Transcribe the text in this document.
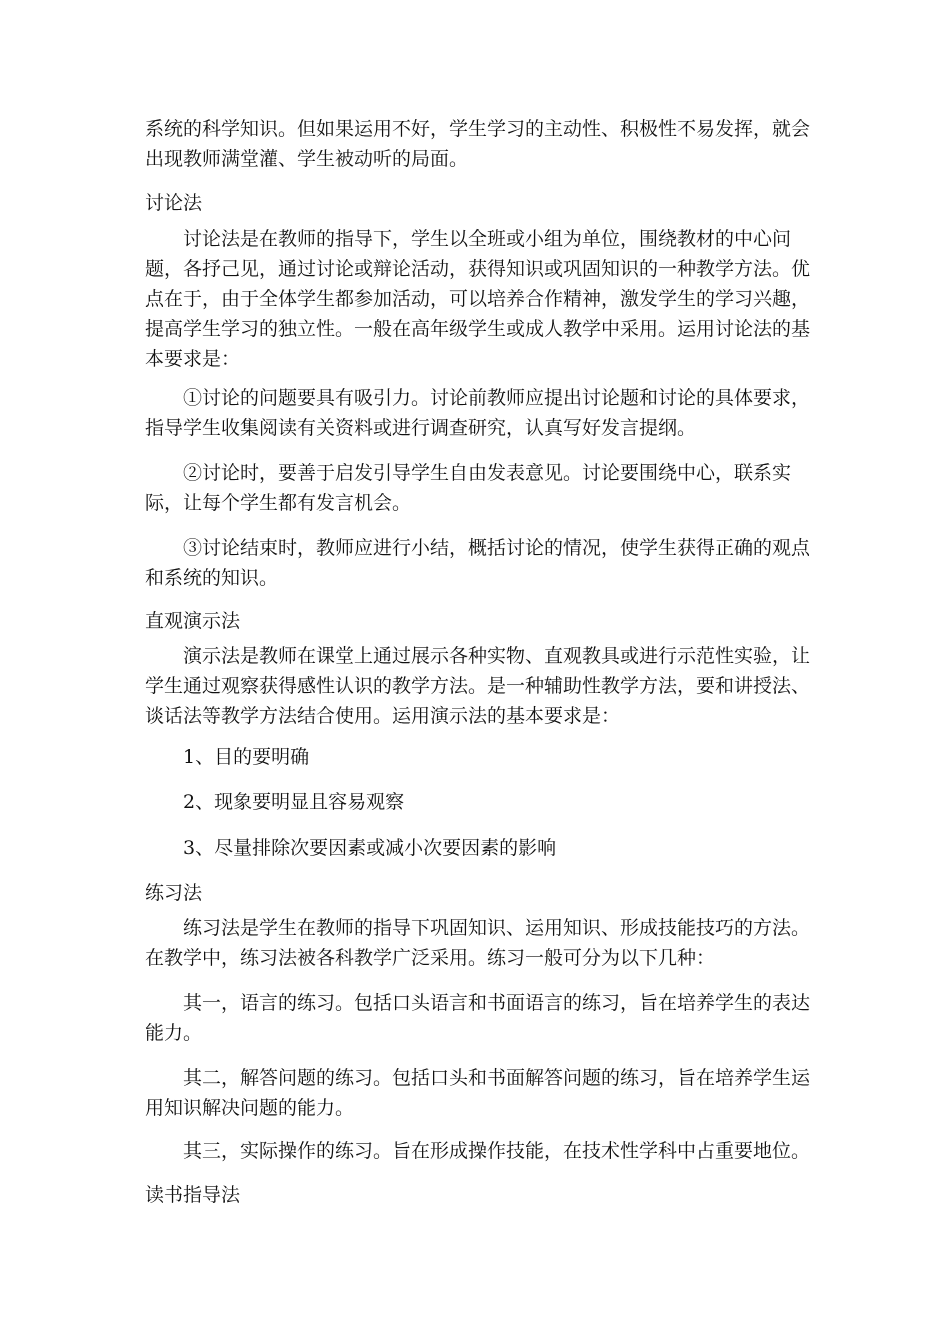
系统的科学知识。但如果运用不好，学生学习的主动性、积极性不易发挥，就会出现教师满堂灌、学生被动听的局面。

讨论法

讨论法是在教师的指导下，学生以全班或小组为单位，围绕教材的中心问题，各抒己见，通过讨论或辩论活动，获得知识或巩固知识的一种教学方法。优点在于，由于全体学生都参加活动，可以培养合作精神，激发学生的学习兴趣，提高学生学习的独立性。一般在高年级学生或成人教学中采用。运用讨论法的基本要求是：

①讨论的问题要具有吸引力。讨论前教师应提出讨论题和讨论的具体要求，指导学生收集阅读有关资料或进行调查研究，认真写好发言提纲。

②讨论时，要善于启发引导学生自由发表意见。讨论要围绕中心，联系实际，让每个学生都有发言机会。

③讨论结束时，教师应进行小结，概括讨论的情况，使学生获得正确的观点和系统的知识。

直观演示法

演示法是教师在课堂上通过展示各种实物、直观教具或进行示范性实验，让学生通过观察获得感性认识的教学方法。是一种辅助性教学方法，要和讲授法、谈话法等教学方法结合使用。运用演示法的基本要求是：

1、目的要明确

2、现象要明显且容易观察

3、尽量排除次要因素或减小次要因素的影响

练习法

练习法是学生在教师的指导下巩固知识、运用知识、形成技能技巧的方法。在教学中，练习法被各科教学广泛采用。练习一般可分为以下几种：

其一，语言的练习。包括口头语言和书面语言的练习，旨在培养学生的表达能力。

其二，解答问题的练习。包括口头和书面解答问题的练习，旨在培养学生运用知识解决问题的能力。

其三，实际操作的练习。旨在形成操作技能，在技术性学科中占重要地位。

读书指导法
